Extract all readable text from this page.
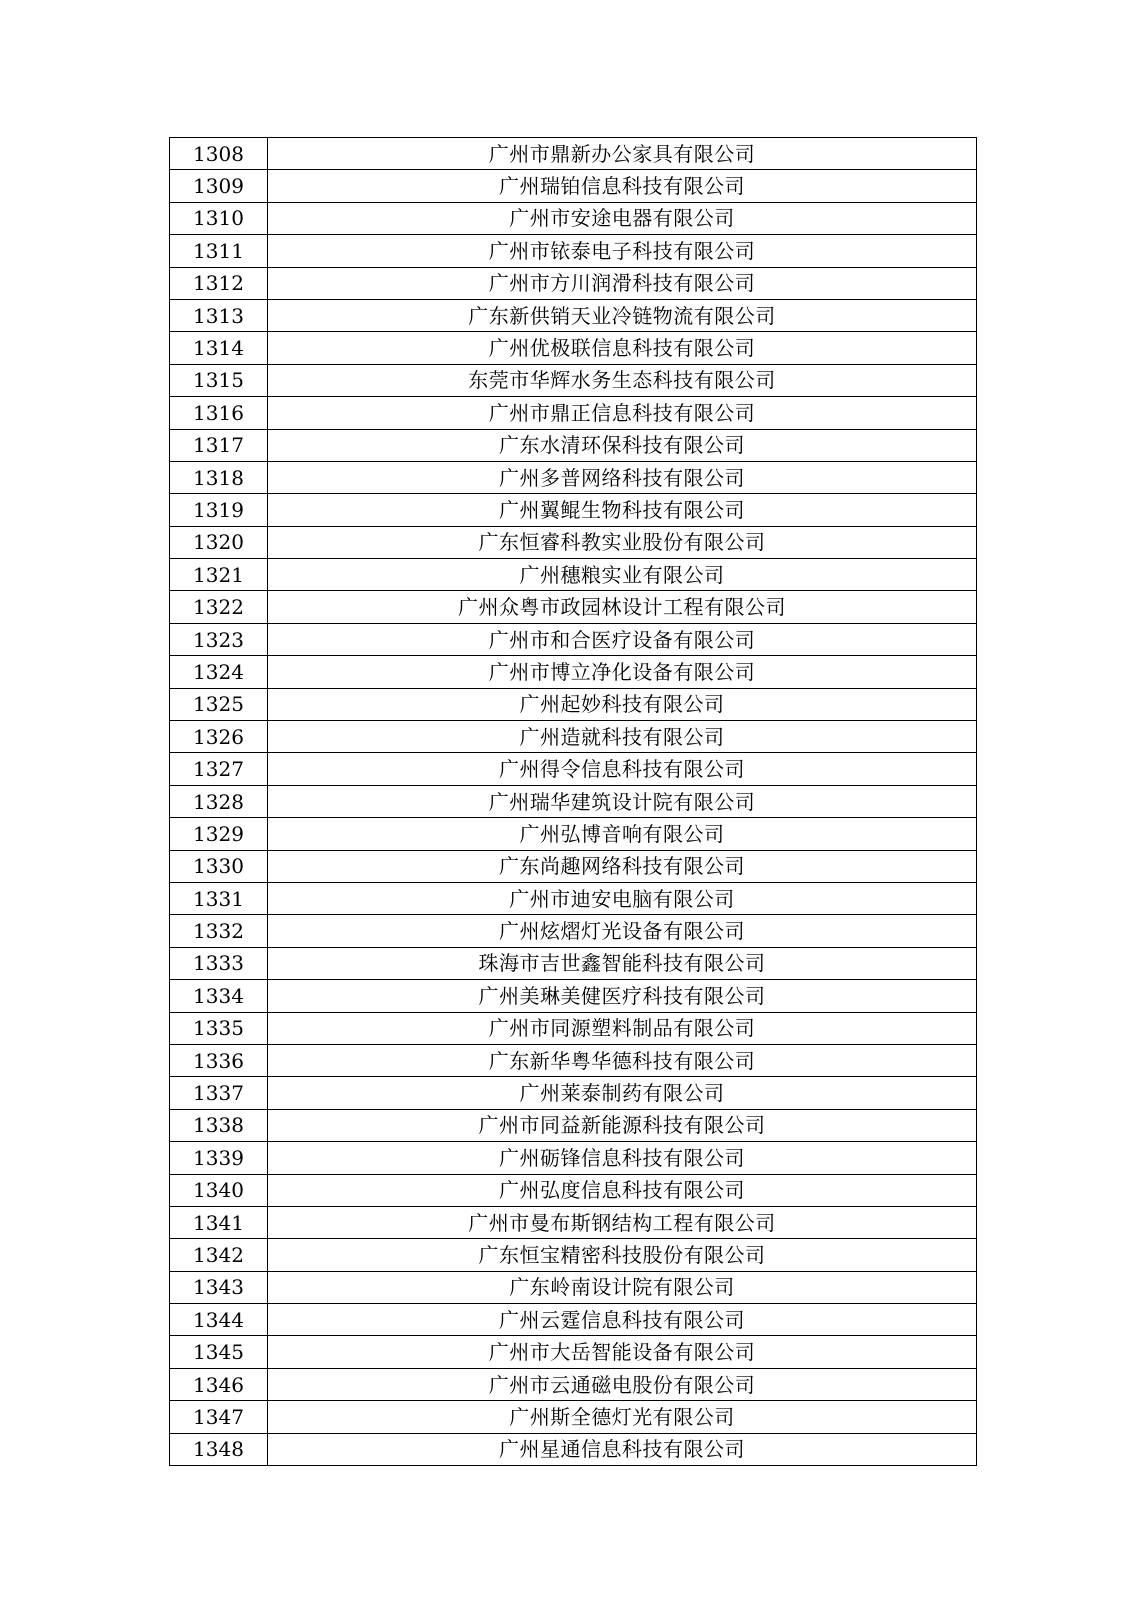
1308	广州市鼎新办公家具有限公司
1309	广州瑞铂信息科技有限公司
1310	广州市安途电器有限公司
1311	广州市铱泰电子科技有限公司
1312	广州市方川润滑科技有限公司
1313	广东新供销天业冷链物流有限公司
1314	广州优极联信息科技有限公司
1315	东莞市华辉水务生态科技有限公司
1316	广州市鼎正信息科技有限公司
1317	广东水清环保科技有限公司
1318	广州多普网络科技有限公司
1319	广州翼鲲生物科技有限公司
1320	广东恒睿科教实业股份有限公司
1321	广州穗粮实业有限公司
1322	广州众粤市政园林设计工程有限公司
1323	广州市和合医疗设备有限公司
1324	广州市博立净化设备有限公司
1325	广州起妙科技有限公司
1326	广州造就科技有限公司
1327	广州得令信息科技有限公司
1328	广州瑞华建筑设计院有限公司
1329	广州弘博音响有限公司
1330	广东尚趣网络科技有限公司
1331	广州市迪安电脑有限公司
1332	广州炫熠灯光设备有限公司
1333	珠海市吉世鑫智能科技有限公司
1334	广州美琳美健医疗科技有限公司
1335	广州市同源塑料制品有限公司
1336	广东新华粤华德科技有限公司
1337	广州莱泰制药有限公司
1338	广州市同益新能源科技有限公司
1339	广州砺锋信息科技有限公司
1340	广州弘度信息科技有限公司
1341	广州市曼布斯钢结构工程有限公司
1342	广东恒宝精密科技股份有限公司
1343	广东岭南设计院有限公司
1344	广州云霆信息科技有限公司
1345	广州市大岳智能设备有限公司
1346	广州市云通磁电股份有限公司
1347	广州斯全德灯光有限公司
1348	广州星通信息科技有限公司
